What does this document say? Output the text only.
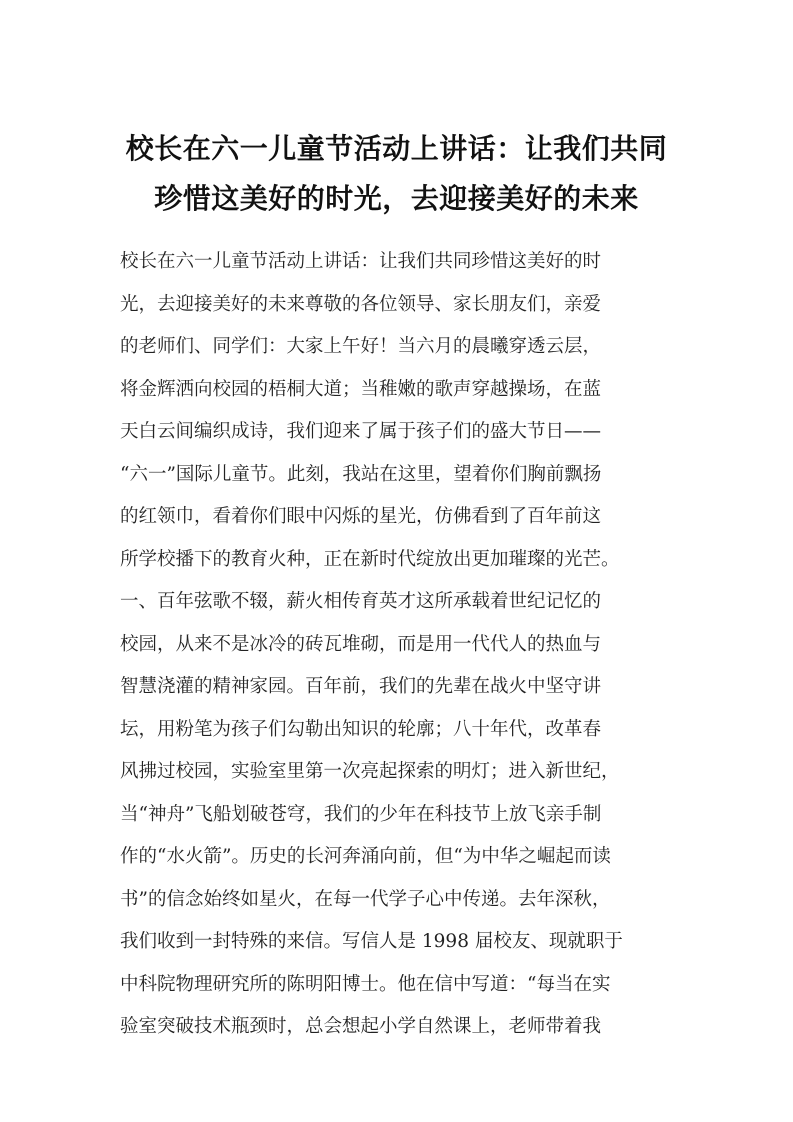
校长在六一儿童节活动上讲话：让我们共同
珍惜这美好的时光，去迎接美好的未来
校长在六一儿童节活动上讲话：让我们共同珍惜这美好的时
光，去迎接美好的未来尊敬的各位领导、家长朋友们，亲爱
的老师们、同学们：大家上午好！当六月的晨曦穿透云层，
将金辉洒向校园的梧桐大道；当稚嫩的歌声穿越操场，在蓝
天白云间编织成诗，我们迎来了属于孩子们的盛大节日——
“六一”国际儿童节。此刻，我站在这里，望着你们胸前飘扬
的红领巾，看着你们眼中闪烁的星光，仿佛看到了百年前这
所学校播下的教育火种，正在新时代绽放出更加璀璨的光芒。
一、百年弦歌不辍，薪火相传育英才这所承载着世纪记忆的
校园，从来不是冰冷的砖瓦堆砌，而是用一代代人的热血与
智慧浇灌的精神家园。百年前，我们的先辈在战火中坚守讲
坛，用粉笔为孩子们勾勒出知识的轮廓；八十年代，改革春
风拂过校园，实验室里第一次亮起探索的明灯；进入新世纪，
当“神舟”飞船划破苍穹，我们的少年在科技节上放飞亲手制
作的“水火箭”。历史的长河奔涌向前，但“为中华之崛起而读
书”的信念始终如星火，在每一代学子心中传递。去年深秋，
我们收到一封特殊的来信。写信人是 1998 届校友、现就职于
中科院物理研究所的陈明阳博士。他在信中写道：“每当在实
验室突破技术瓶颈时，总会想起小学自然课上，老师带着我
